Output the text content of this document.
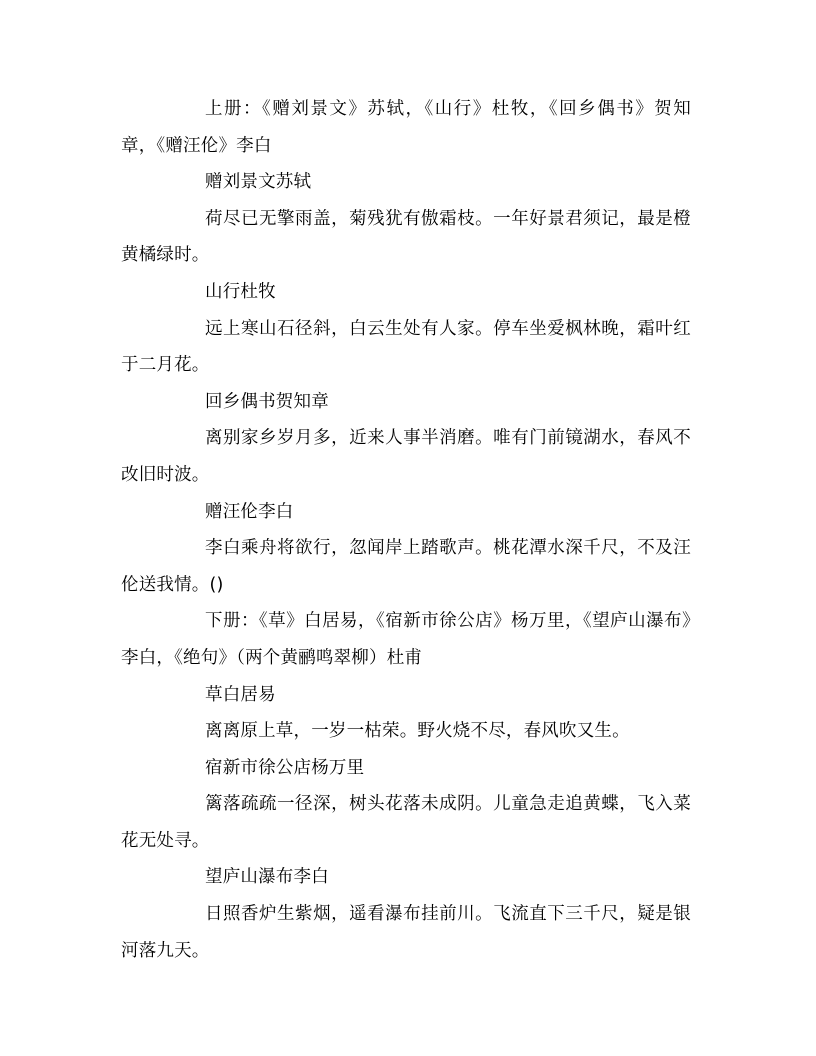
上册：《赠刘景文》苏轼，《山行》杜牧，《回乡偶书》贺知章，《赠汪伦》李白

赠刘景文苏轼

荷尽已无擎雨盖，菊残犹有傲霜枝。一年好景君须记，最是橙黄橘绿时。

山行杜牧

远上寒山石径斜，白云生处有人家。停车坐爱枫林晚，霜叶红于二月花。

回乡偶书贺知章

离别家乡岁月多，近来人事半消磨。唯有门前镜湖水，春风不改旧时波。

赠汪伦李白

李白乘舟将欲行，忽闻岸上踏歌声。桃花潭水深千尺，不及汪伦送我情。()

下册：《草》白居易，《宿新市徐公店》杨万里，《望庐山瀑布》李白，《绝句》（两个黄鹂鸣翠柳）杜甫

草白居易

离离原上草，一岁一枯荣。野火烧不尽，春风吹又生。

宿新市徐公店杨万里

篱落疏疏一径深，树头花落未成阴。儿童急走追黄蝶，飞入菜花无处寻。

望庐山瀑布李白

日照香炉生紫烟，遥看瀑布挂前川。飞流直下三千尺，疑是银河落九天。
